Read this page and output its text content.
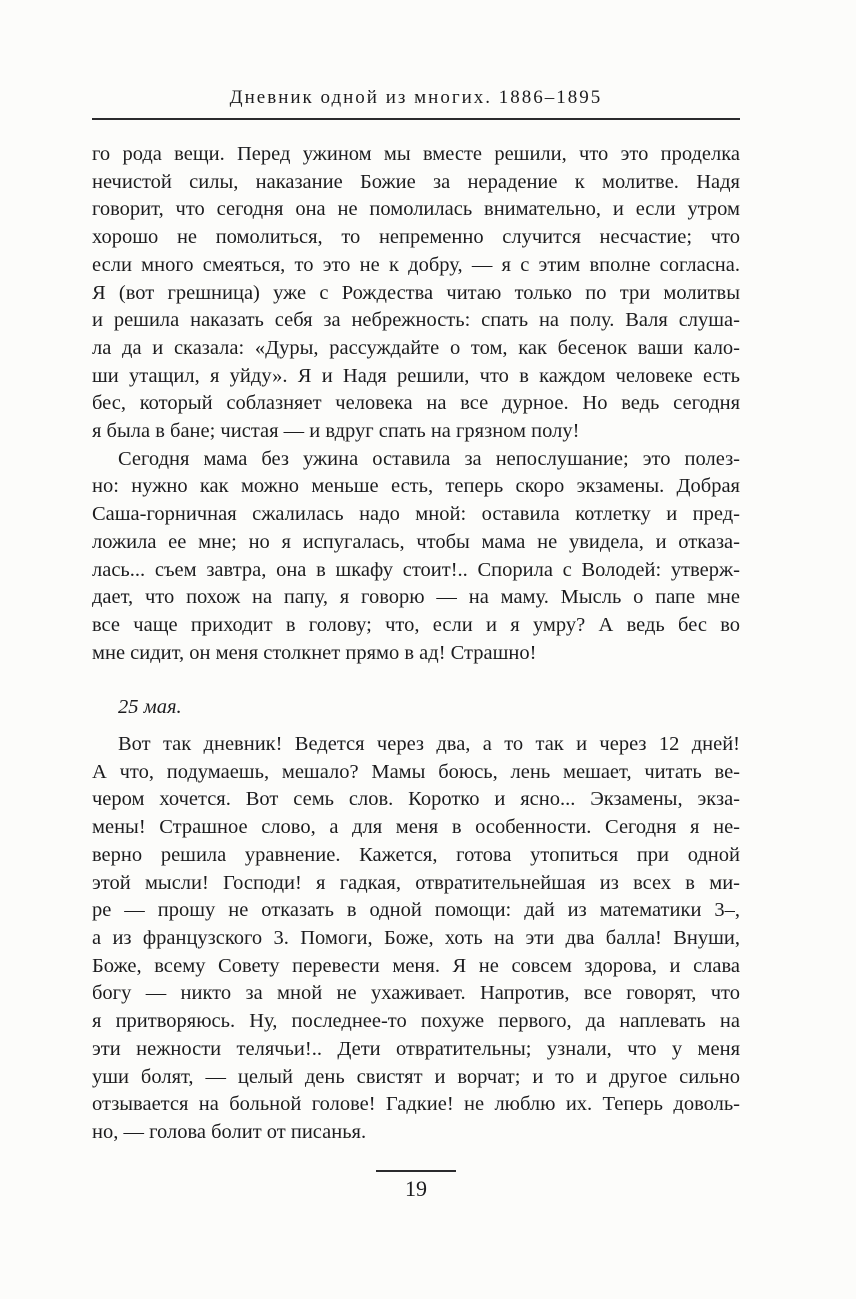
Дневник одной из многих. 1886–1895
го рода вещи. Перед ужином мы вместе решили, что это проделка
нечистой силы, наказание Божие за нерадение к молитве. Надя
говорит, что сегодня она не помолилась внимательно, и если утром
хорошо не помолиться, то непременно случится несчастие; что
если много смеяться, то это не к добру, — я с этим вполне согласна.
Я (вот грешница) уже с Рождества читаю только по три молитвы
и решила наказать себя за небрежность: спать на полу. Валя слуша-
ла да и сказала: «Дуры, рассуждайте о том, как бесенок ваши кало-
ши утащил, я уйду». Я и Надя решили, что в каждом человеке есть
бес, который соблазняет человека на все дурное. Но ведь сегодня
я была в бане; чистая — и вдруг спать на грязном полу!
Сегодня мама без ужина оставила за непослушание; это полез-
но: нужно как можно меньше есть, теперь скоро экзамены. Добрая
Саша-горничная сжалилась надо мной: оставила котлетку и пред-
ложила ее мне; но я испугалась, чтобы мама не увидела, и отказа-
лась... съем завтра, она в шкафу стоит!.. Спорила с Володей: утверж-
дает, что похож на папу, я говорю — на маму. Мысль о папе мне
все чаще приходит в голову; что, если и я умру? А ведь бес во
мне сидит, он меня столкнет прямо в ад! Страшно!
25 мая.
Вот так дневник! Ведется через два, а то так и через 12 дней!
А что, подумаешь, мешало? Мамы боюсь, лень мешает, читать ве-
чером хочется. Вот семь слов. Коротко и ясно... Экзамены, экза-
мены! Страшное слово, а для меня в особенности. Сегодня я не-
верно решила уравнение. Кажется, готова утопиться при одной
этой мысли! Господи! я гадкая, отвратительнейшая из всех в ми-
ре — прошу не отказать в одной помощи: дай из математики 3–,
а из французского 3. Помоги, Боже, хоть на эти два балла! Внуши,
Боже, всему Совету перевести меня. Я не совсем здорова, и слава
богу — никто за мной не ухаживает. Напротив, все говорят, что
я притворяюсь. Ну, последнее-то похуже первого, да наплевать на
эти нежности телячьи!.. Дети отвратительны; узнали, что у меня
уши болят, — целый день свистят и ворчат; и то и другое сильно
отзывается на больной голове! Гадкие! не люблю их. Теперь доволь-
но, — голова болит от писанья.
19
